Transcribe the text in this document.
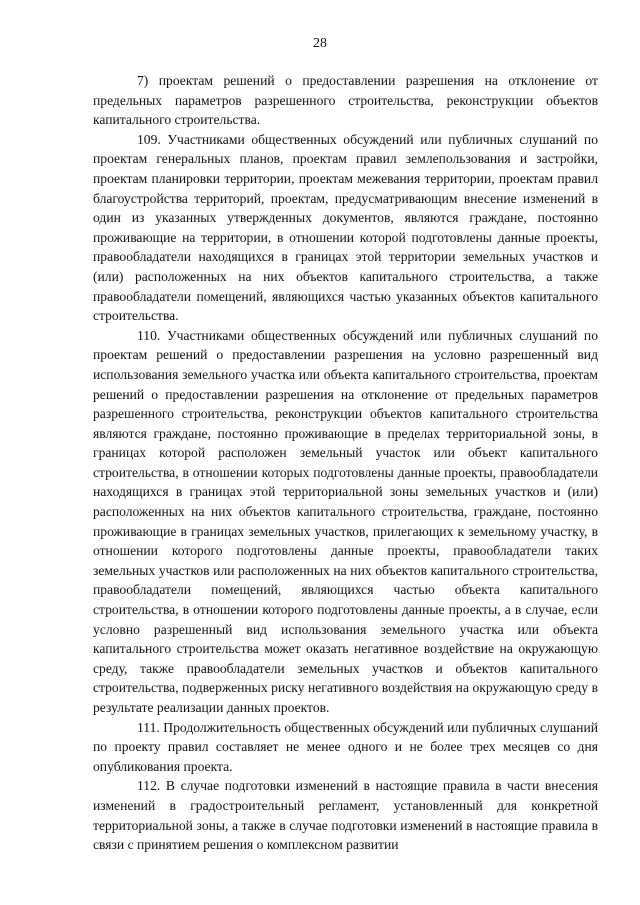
28

7) проектам решений о предоставлении разрешения на отклонение от предельных параметров разрешенного строительства, реконструкции объектов капитального строительства.

109. Участниками общественных обсуждений или публичных слушаний по проектам генеральных планов, проектам правил землепользования и застройки, проектам планировки территории, проектам межевания территории, проектам правил благоустройства территорий, проектам, предусматривающим внесение изменений в один из указанных утвержденных документов, являются граждане, постоянно проживающие на территории, в отношении которой подготовлены данные проекты, правообладатели находящихся в границах этой территории земельных участков и (или) расположенных на них объектов капитального строительства, а также правообладатели помещений, являющихся частью указанных объектов капитального строительства.

110. Участниками общественных обсуждений или публичных слушаний по проектам решений о предоставлении разрешения на условно разрешенный вид использования земельного участка или объекта капитального строительства, проектам решений о предоставлении разрешения на отклонение от предельных параметров разрешенного строительства, реконструкции объектов капитального строительства являются граждане, постоянно проживающие в пределах территориальной зоны, в границах которой расположен земельный участок или объект капитального строительства, в отношении которых подготовлены данные проекты, правообладатели находящихся в границах этой территориальной зоны земельных участков и (или) расположенных на них объектов капитального строительства, граждане, постоянно проживающие в границах земельных участков, прилегающих к земельному участку, в отношении которого подготовлены данные проекты, правообладатели таких земельных участков или расположенных на них объектов капитального строительства, правообладатели помещений, являющихся частью объекта капитального строительства, в отношении которого подготовлены данные проекты, а в случае, если условно разрешенный вид использования земельного участка или объекта капитального строительства может оказать негативное воздействие на окружающую среду, также правообладатели земельных участков и объектов капитального строительства, подверженных риску негативного воздействия на окружающую среду в результате реализации данных проектов.

111. Продолжительность общественных обсуждений или публичных слушаний по проекту правил составляет не менее одного и не более трех месяцев со дня опубликования проекта.

112. В случае подготовки изменений в настоящие правила в части внесения изменений в градостроительный регламент, установленный для конкретной территориальной зоны, а также в случае подготовки изменений в настоящие правила в связи с принятием решения о комплексном развитии
